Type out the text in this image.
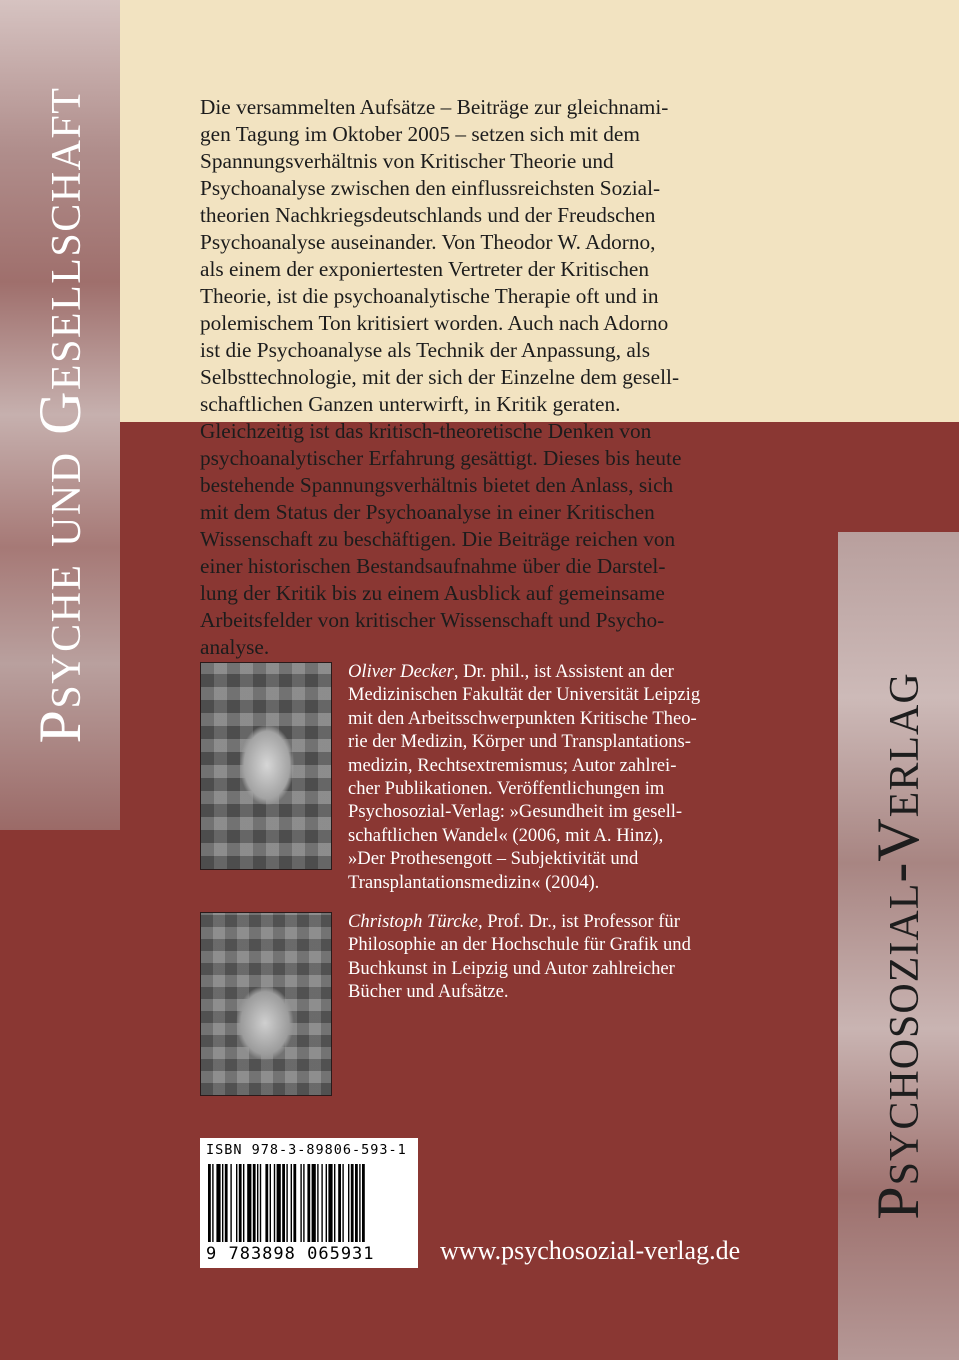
Psyche und Gesellschaft
Psychosozial-Verlag

Die versammelten Aufsätze – Beiträge zur gleichnami-
gen Tagung im Oktober 2005 – setzen sich mit dem
Spannungsverhältnis von Kritischer Theorie und
Psychoanalyse zwischen den einflussreichsten Sozial-
theorien Nachkriegsdeutschlands und der Freudschen
Psychoanalyse auseinander. Von Theodor W. Adorno,
als einem der exponiertesten Vertreter der Kritischen
Theorie, ist die psychoanalytische Therapie oft und in
polemischem Ton kritisiert worden. Auch nach Adorno
ist die Psychoanalyse als Technik der Anpassung, als
Selbsttechnologie, mit der sich der Einzelne dem gesell-
schaftlichen Ganzen unterwirft, in Kritik geraten.
Gleichzeitig ist das kritisch-theoretische Denken von
psychoanalytischer Erfahrung gesättigt. Dieses bis heute
bestehende Spannungsverhältnis bietet den Anlass, sich
mit dem Status der Psychoanalyse in einer Kritischen
Wissenschaft zu beschäftigen. Die Beiträge reichen von
einer historischen Bestandsaufnahme über die Darstel-
lung der Kritik bis zu einem Ausblick auf gemeinsame
Arbeitsfelder von kritischer Wissenschaft und Psycho-
analyse.

Oliver Decker, Dr. phil., ist Assistent an der
Medizinischen Fakultät der Universität Leipzig
mit den Arbeitsschwerpunkten Kritische Theo-
rie der Medizin, Körper und Transplantations-
medizin, Rechtsextremismus; Autor zahlrei-
cher Publikationen. Veröffentlichungen im
Psychosozial-Verlag: »Gesundheit im gesell-
schaftlichen Wandel« (2006, mit A. Hinz),
»Der Prothesengott – Subjektivität und
Transplantationsmedizin« (2004).

Christoph Türcke, Prof. Dr., ist Professor für
Philosophie an der Hochschule für Grafik und
Buchkunst in Leipzig und Autor zahlreicher
Bücher und Aufsätze.

ISBN 978-3-89806-593-1
9 783898 065931	www.psychosozial-verlag.de
